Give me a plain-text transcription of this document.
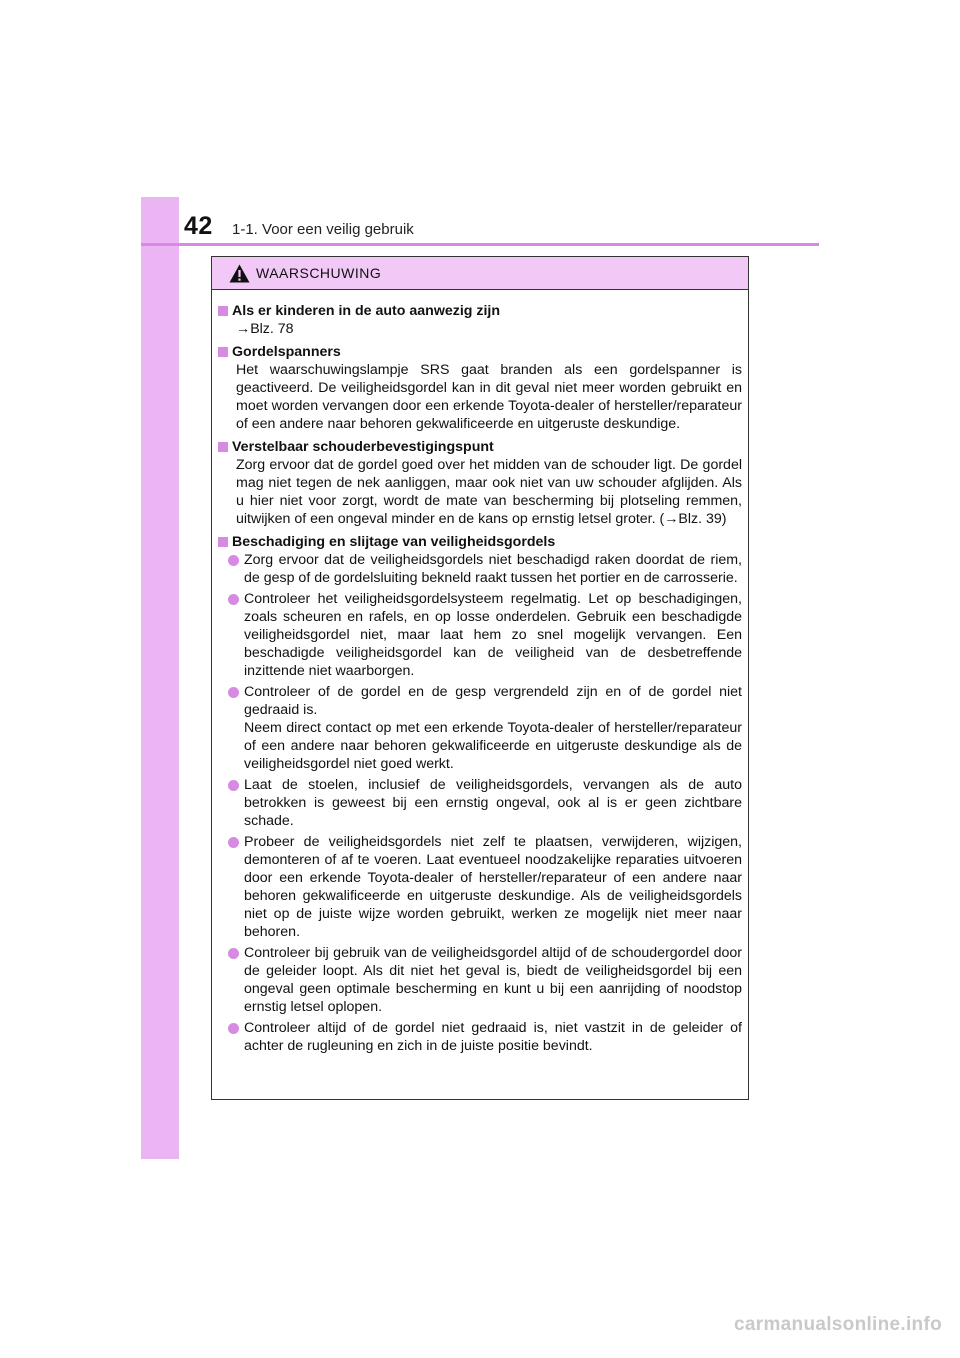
42 1-1. Voor een veilig gebruik
WAARSCHUWING
Als er kinderen in de auto aanwezig zijn
→Blz. 78
Gordelspanners
Het waarschuwingslampje SRS gaat branden als een gordelspanner is geactiveerd. De veiligheidsgordel kan in dit geval niet meer worden gebruikt en moet worden vervangen door een erkende Toyota-dealer of hersteller/reparateur of een andere naar behoren gekwalificeerde en uitgeruste deskundige.
Verstelbaar schouderbevestigingspunt
Zorg ervoor dat de gordel goed over het midden van de schouder ligt. De gordel mag niet tegen de nek aanliggen, maar ook niet van uw schouder afglijden. Als u hier niet voor zorgt, wordt de mate van bescherming bij plotseling remmen, uitwijken of een ongeval minder en de kans op ernstig letsel groter. (→Blz. 39)
Beschadiging en slijtage van veiligheidsgordels
Zorg ervoor dat de veiligheidsgordels niet beschadigd raken doordat de riem, de gesp of de gordelsluiting bekneld raakt tussen het portier en de carrosserie.
Controleer het veiligheidsgordelsysteem regelmatig. Let op beschadigingen, zoals scheuren en rafels, en op losse onderdelen. Gebruik een beschadigde veiligheidsgordel niet, maar laat hem zo snel mogelijk vervangen. Een beschadigde veiligheidsgordel kan de veiligheid van de desbetreffende inzittende niet waarborgen.

Controleer of de gordel en de gesp vergrendeld zijn en of de gordel niet gedraaid is.

Neem direct contact op met een erkende Toyota-dealer of hersteller/reparateur of een andere naar behoren gekwalificeerde en uitgeruste deskundige als de veiligheidsgordel niet goed werkt.

Laat de stoelen, inclusief de veiligheidsgordels, vervangen als de auto betrokken is geweest bij een ernstig ongeval, ook al is er geen zichtbare schade.
Probeer de veiligheidsgordels niet zelf te plaatsen, verwijderen, wijzigen, demonteren of af te voeren. Laat eventueel noodzakelijke reparaties uitvoeren door een erkende Toyota-dealer of hersteller/reparateur of een andere naar behoren gekwalificeerde en uitgeruste deskundige. Als de veiligheidsgordels niet op de juiste wijze worden gebruikt, werken ze mogelijk niet meer naar behoren.
Controleer bij gebruik van de veiligheidsgordel altijd of de schoudergordel door de geleider loopt. Als dit niet het geval is, biedt de veiligheidsgordel bij een ongeval geen optimale bescherming en kunt u bij een aanrijding of noodstop ernstig letsel oplopen.
Controleer altijd of de gordel niet gedraaid is, niet vastzit in de geleider of achter de rugleuning en zich in de juiste positie bevindt.
carmanualsonline.info
